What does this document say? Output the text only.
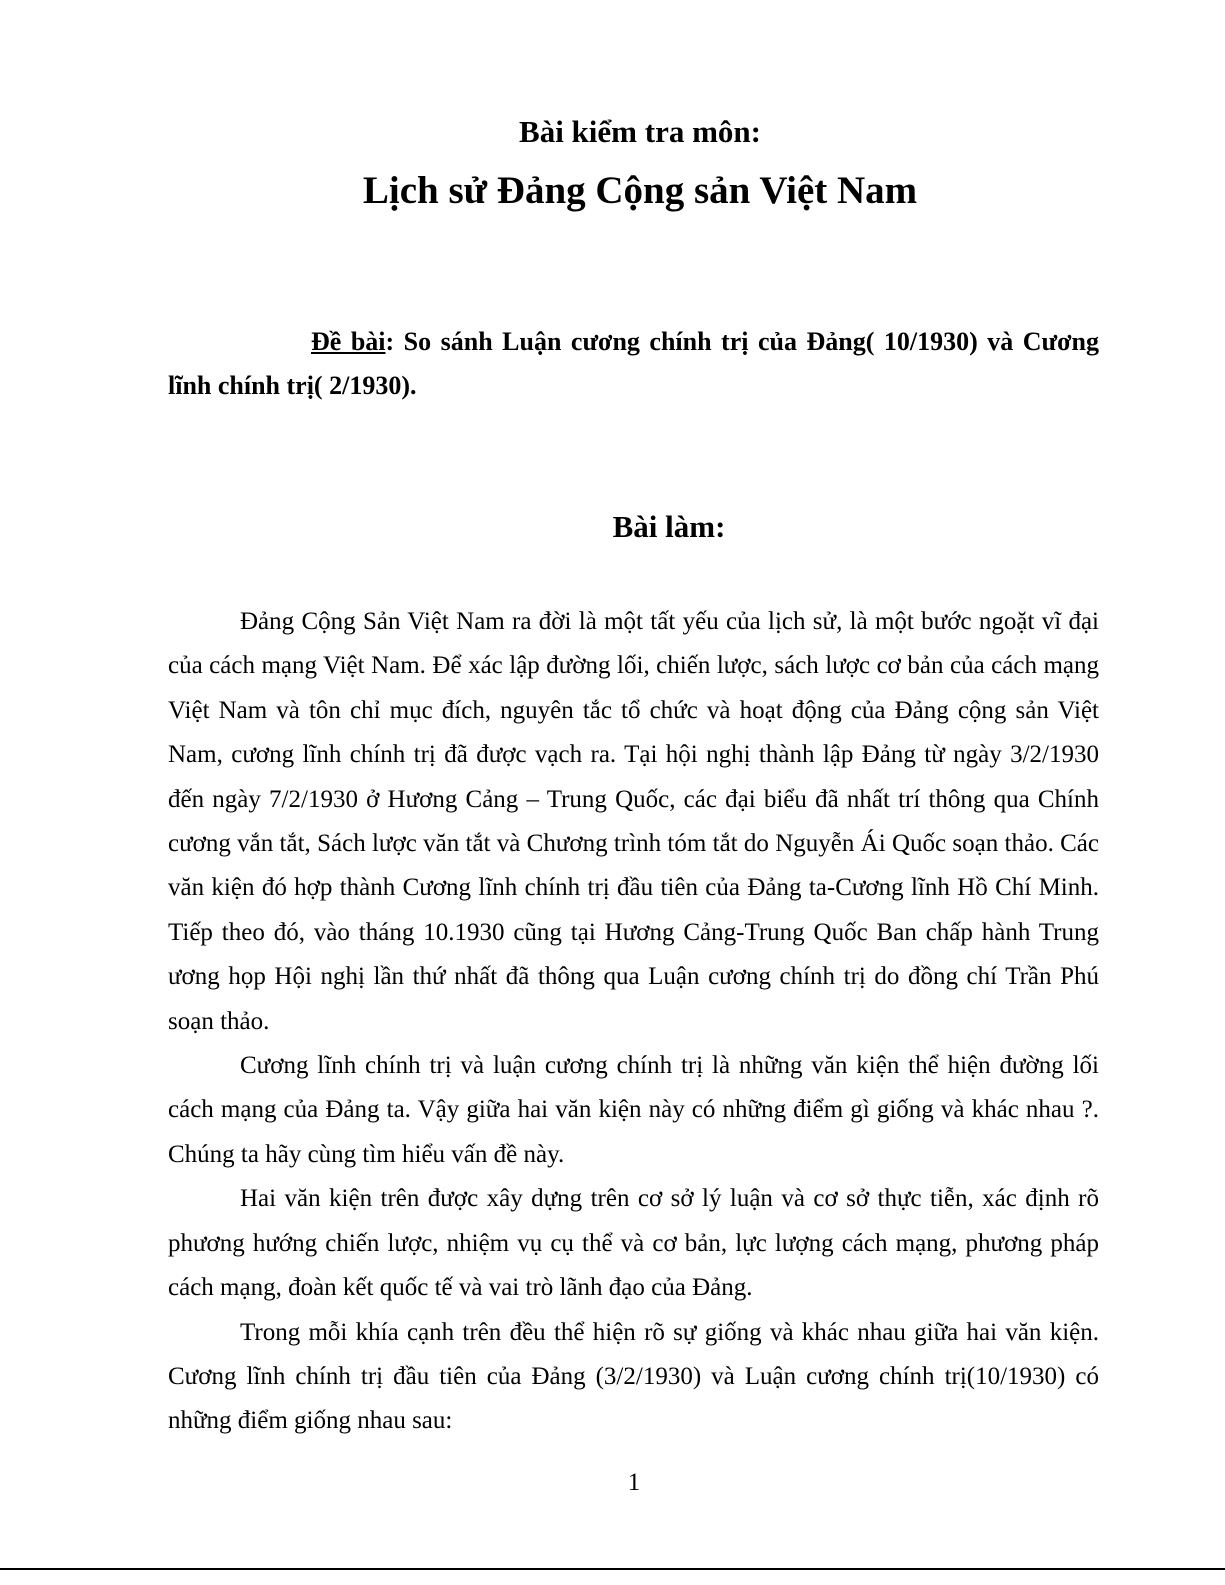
Bài kiểm tra môn:
Lịch sử Đảng Cộng sản Việt Nam
Đề bài: So sánh Luận cương chính trị của Đảng( 10/1930) và Cương lĩnh chính trị( 2/1930).
Bài làm:

Đảng Cộng Sản Việt Nam ra đời là một tất yếu của lịch sử, là một bước ngoặt vĩ đại của cách mạng Việt Nam. Để xác lập đường lối, chiến lược, sách lược cơ bản của cách mạng Việt Nam và tôn chỉ mục đích, nguyên tắc tổ chức và hoạt động của Đảng cộng sản Việt Nam, cương lĩnh chính trị đã được vạch ra. Tại hội nghị thành lập Đảng từ ngày 3/2/1930 đến ngày 7/2/1930 ở Hương Cảng – Trung Quốc, các đại biểu đã nhất trí thông qua Chính cương vắn tắt, Sách lược văn tắt và Chương trình tóm tắt do Nguyễn Ái Quốc soạn thảo. Các văn kiện đó hợp thành Cương lĩnh chính trị đầu tiên của Đảng ta-Cương lĩnh Hồ Chí Minh. Tiếp theo đó, vào tháng 10.1930 cũng tại Hương Cảng-Trung Quốc Ban chấp hành Trung ương họp Hội nghị lần thứ nhất đã thông qua Luận cương chính trị do đồng chí Trần Phú soạn thảo.

Cương lĩnh chính trị và luận cương chính trị là những văn kiện thể hiện đường lối cách mạng của Đảng ta. Vậy giữa hai văn kiện này có những điểm gì giống và khác nhau ?. Chúng ta hãy cùng tìm hiểu vấn đề này.

Hai văn kiện trên được xây dựng trên cơ sở lý luận và cơ sở thực tiễn, xác định rõ phương hướng chiến lược, nhiệm vụ cụ thể và cơ bản, lực lượng cách mạng, phương pháp cách mạng, đoàn kết quốc tế và vai trò lãnh đạo của Đảng.

Trong mỗi khía cạnh trên đều thể hiện rõ sự giống và khác nhau giữa hai văn kiện. Cương lĩnh chính trị đầu tiên của Đảng (3/2/1930) và Luận cương chính trị(10/1930) có những điểm giống nhau sau:

1
